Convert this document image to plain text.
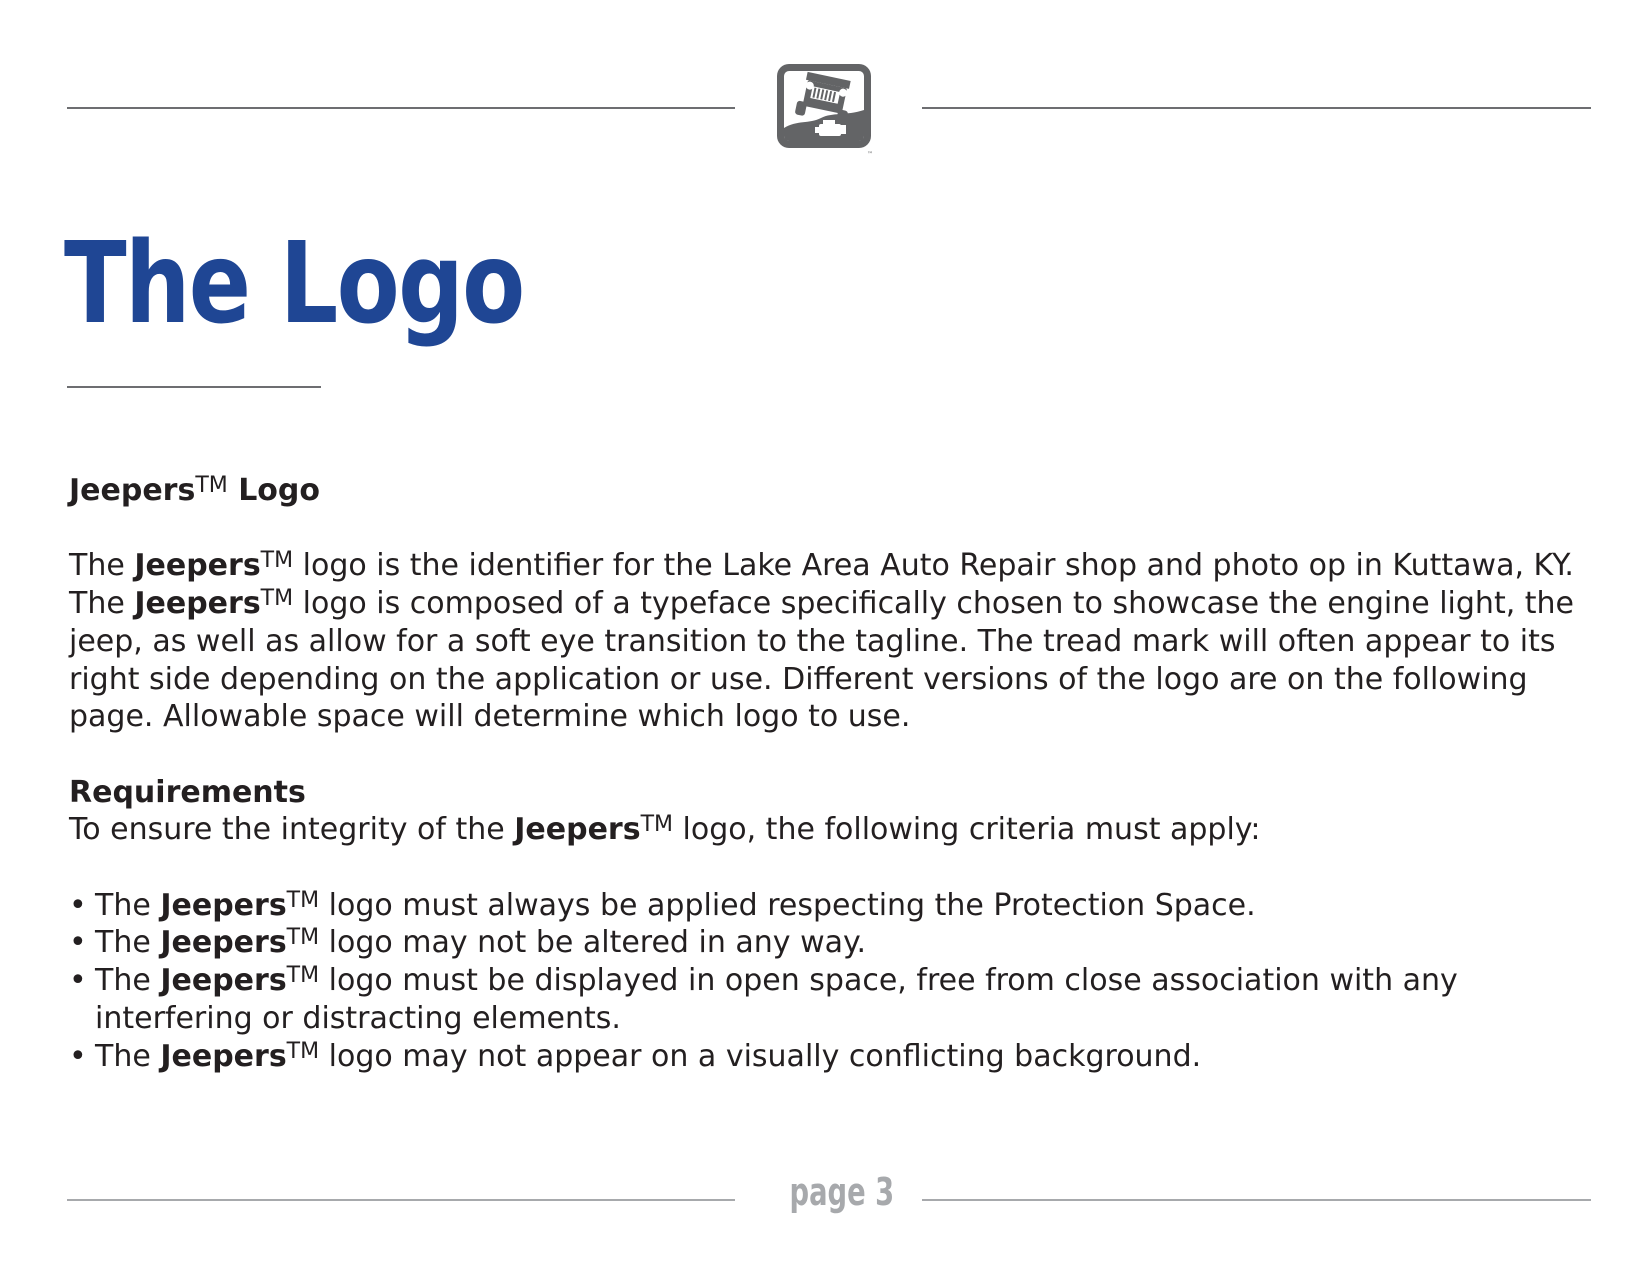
™
The Logo

Jeepers™ Logo

The Jeepers™ logo is the identifier for the Lake Area Auto Repair shop and photo op in Kuttawa, KY. The Jeepers™ logo is composed of a typeface specifically chosen to showcase the engine light, the jeep, as well as allow for a soft eye transition to the tagline. The tread mark will often appear to its right side depending on the application or use. Different versions of the logo are on the following page. Allowable space will determine which logo to use.

Requirements

To ensure the integrity of the Jeepers™ logo, the following criteria must apply:

• The Jeepers™ logo must always be applied respecting the Protection Space.
• The Jeepers™ logo may not be altered in any way.
• The Jeepers™ logo must be displayed in open space, free from close association with any interfering or distracting elements.
• The Jeepers™ logo may not appear on a visually conflicting background.
page 3
